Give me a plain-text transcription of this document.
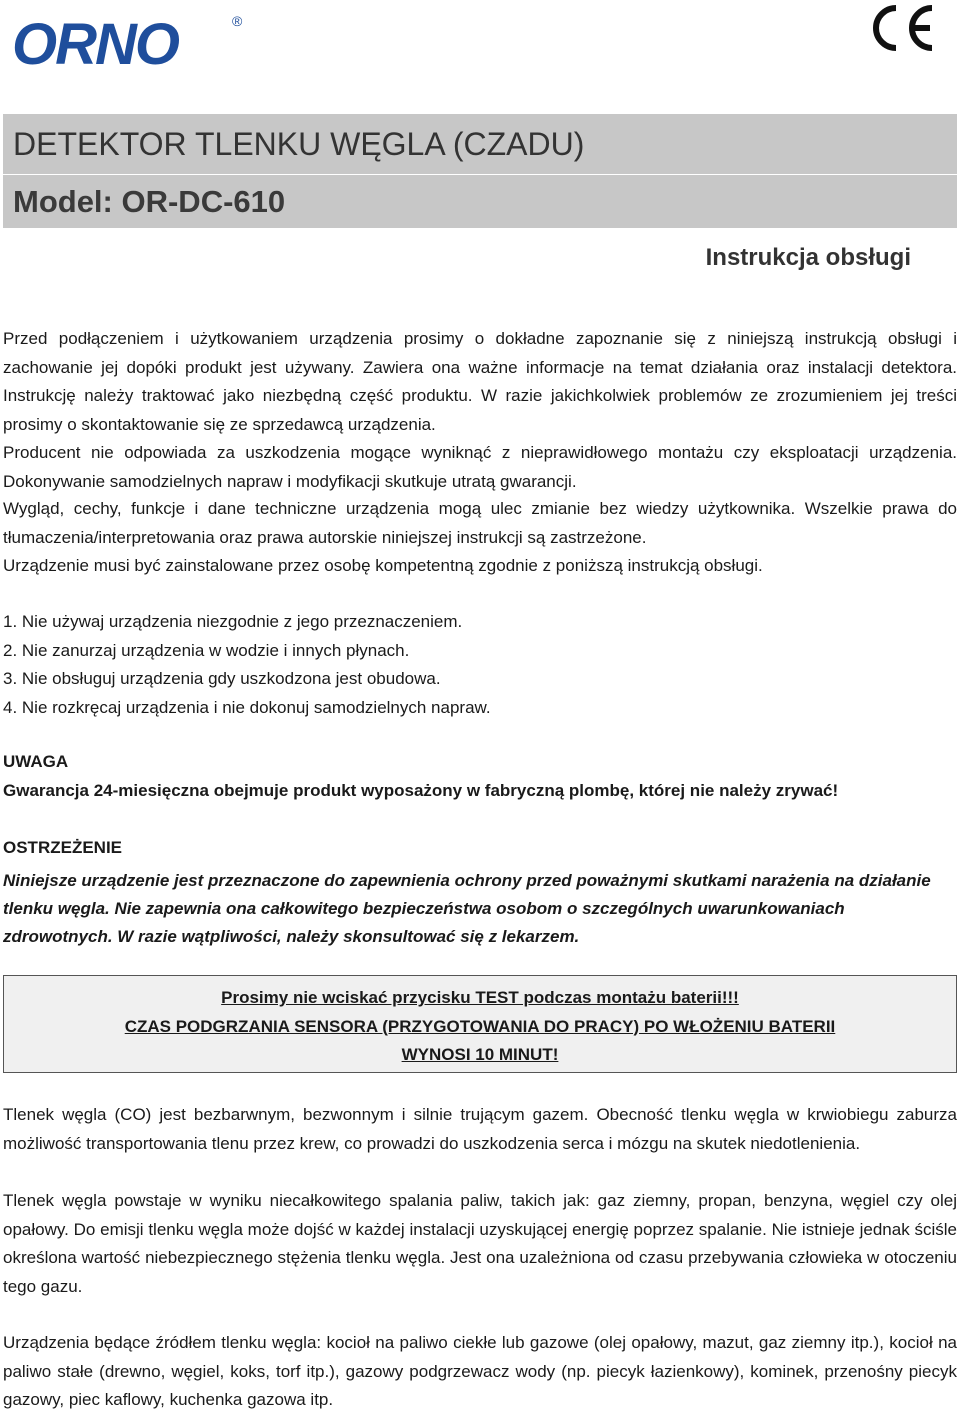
ORNO	®
DETEKTOR TLENKU WĘGLA (CZADU)
Model: OR-DC-610
Instrukcja obsługi

Przed podłączeniem i użytkowaniem urządzenia prosimy o dokładne zapoznanie się z niniejszą instrukcją obsługi i zachowanie jej dopóki produkt jest używany. Zawiera ona ważne informacje na temat działania oraz instalacji detektora. Instrukcję należy traktować jako niezbędną część produktu. W razie jakichkolwiek problemów ze zrozumieniem jej treści prosimy o skontaktowanie się ze sprzedawcą urządzenia.

Producent nie odpowiada za uszkodzenia mogące wyniknąć z nieprawidłowego montażu czy eksploatacji urządzenia. Dokonywanie samodzielnych napraw i modyfikacji skutkuje utratą gwarancji.

Wygląd, cechy, funkcje i dane techniczne urządzenia mogą ulec zmianie bez wiedzy użytkownika. Wszelkie prawa do tłumaczenia/interpretowania oraz prawa autorskie niniejszej instrukcji są zastrzeżone.

Urządzenie musi być zainstalowane przez osobę kompetentną zgodnie z poniższą instrukcją obsługi.

1. Nie używaj urządzenia niezgodnie z jego przeznaczeniem.
2. Nie zanurzaj urządzenia w wodzie i innych płynach.
3. Nie obsługuj urządzenia gdy uszkodzona jest obudowa.
4. Nie rozkręcaj urządzenia i nie dokonuj samodzielnych napraw.
UWAGA
Gwarancja 24-miesięczna obejmuje produkt wyposażony w fabryczną plombę, której nie należy zrywać!
OSTRZEŻENIE

Niniejsze urządzenie jest przeznaczone do zapewnienia ochrony przed poważnymi skutkami narażenia na działanie tlenku węgla. Nie zapewnia ona całkowitego bezpieczeństwa osobom o szczególnych uwarunkowaniach zdrowotnych. W razie wątpliwości, należy skonsultować się z lekarzem.

Prosimy nie wciskać przycisku TEST podczas montażu baterii!!!
CZAS PODGRZANIA SENSORA (PRZYGOTOWANIA DO PRACY) PO WŁOŻENIU BATERII
WYNOSI 10 MINUT!

Tlenek węgla (CO) jest bezbarwnym, bezwonnym i silnie trującym gazem. Obecność tlenku węgla w krwiobiegu zaburza możliwość transportowania tlenu przez krew, co prowadzi do uszkodzenia serca i mózgu na skutek niedotlenienia.

Tlenek węgla powstaje w wyniku niecałkowitego spalania paliw, takich jak: gaz ziemny, propan, benzyna, węgiel czy olej opałowy. Do emisji tlenku węgla może dojść w każdej instalacji uzyskującej energię poprzez spalanie. Nie istnieje jednak ściśle określona wartość niebezpiecznego stężenia tlenku węgla. Jest ona uzależniona od czasu przebywania człowieka w otoczeniu tego gazu.

Urządzenia będące źródłem tlenku węgla: kocioł na paliwo ciekłe lub gazowe (olej opałowy, mazut, gaz ziemny itp.), kocioł na paliwo stałe (drewno, węgiel, koks, torf itp.), gazowy podgrzewacz wody (np. piecyk łazienkowy), kominek, przenośny piecyk gazowy, piec kaflowy, kuchenka gazowa itp.
